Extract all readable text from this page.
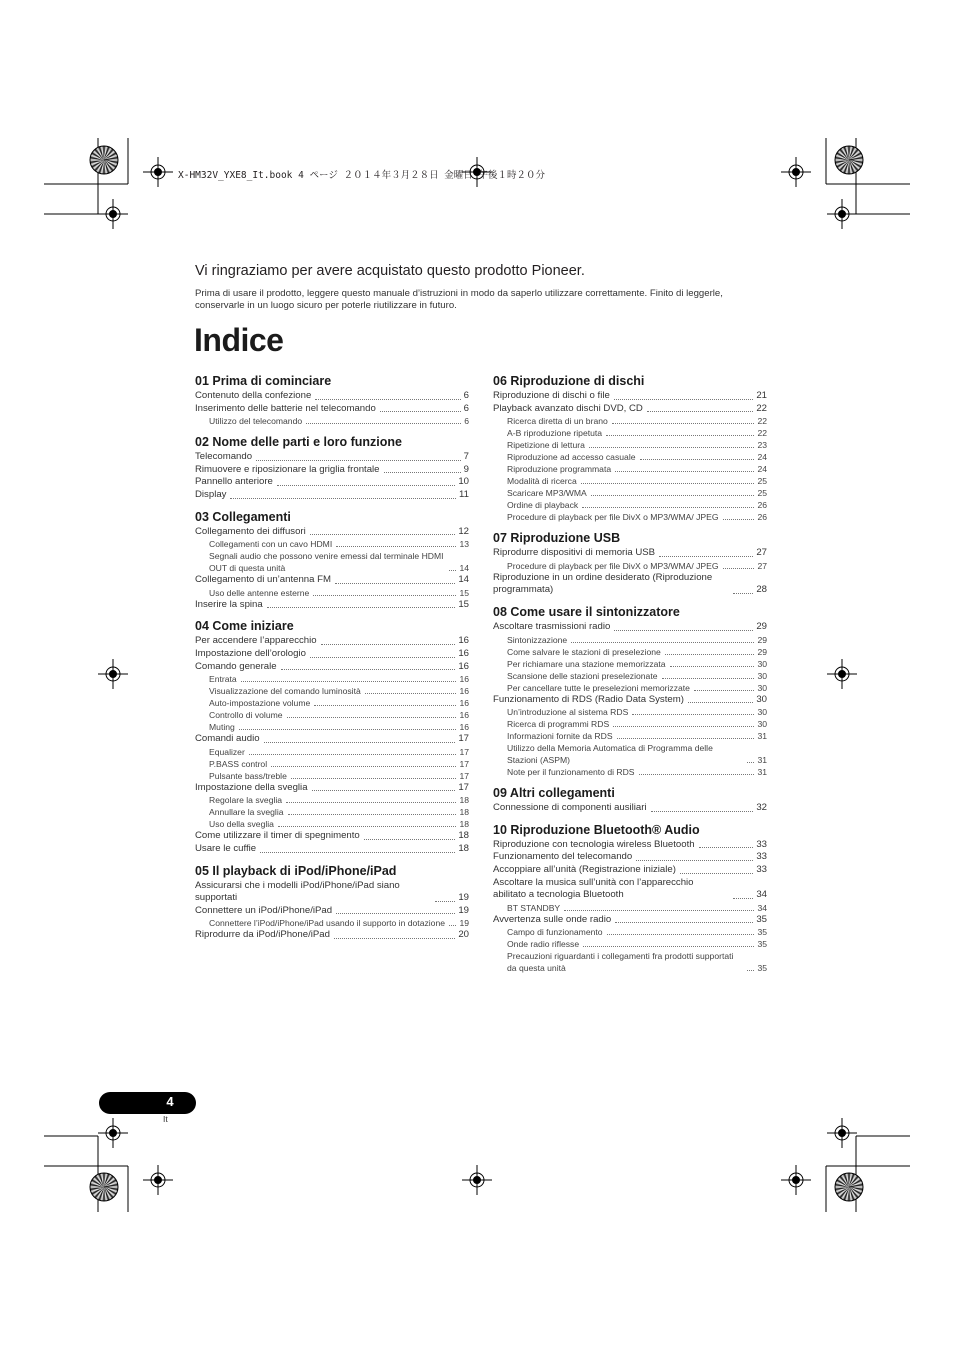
X-HM32V_YXE8_It.book 4 ページ ２０１４年３月２８日 金曜日 午後１時２０分
Vi ringraziamo per avere acquistato questo prodotto Pioneer.
Prima di usare il prodotto, leggere questo manuale d’istruzioni in modo da saperlo utilizzare correttamente. Finito di leggerle, conservarle in un luogo sicuro per poterle riutilizzare in futuro.
Indice
01 Prima di cominciare
Contenuto della confezione	6
Inserimento delle batterie nel telecomando	6
Utilizzo del telecomando	6
02 Nome delle parti e loro funzione
Telecomando	7
Rimuovere e riposizionare la griglia frontale	9
Pannello anteriore	10
Display	11
03 Collegamenti
Collegamento dei diffusori	12
Collegamenti con un cavo HDMI	13
Segnali audio che possono venire emessi dal terminale HDMI OUT di questa unità	14
Collegamento di un’antenna FM	14
Uso delle antenne esterne	15
Inserire la spina	15
04 Come iniziare
Per accendere l’apparecchio	16
Impostazione dell’orologio	16
Comando generale	16
Entrata	16
Visualizzazione del comando luminosità	16
Auto-impostazione volume	16
Controllo di volume	16
Muting	16
Comandi audio	17
Equalizer	17
P.BASS control	17
Pulsante bass/treble	17
Impostazione della sveglia	17
Regolare la sveglia	18
Annullare la sveglia	18
Uso della sveglia	18
Come utilizzare il timer di spegnimento	18
Usare le cuffie	18
05 Il playback di iPod/iPhone/iPad
Assicurarsi che i modelli iPod/iPhone/iPad siano supportati	19
Connettere un iPod/iPhone/iPad	19
Connettere l’iPod/iPhone/iPad usando il supporto in dotazione 19
Riprodurre da iPod/iPhone/iPad	20
06 Riproduzione di dischi
Riproduzione di dischi o file	21
Playback avanzato dischi DVD, CD	22
Ricerca diretta di un brano	22
A-B riproduzione ripetuta	22
Ripetizione di lettura	23
Riproduzione ad accesso casuale	24
Riproduzione programmata	24
Modalità di ricerca	25
Scaricare MP3/WMA	25
Ordine di playback	26
Procedure di playback per file DivX o MP3/WMA/ JPEG	26
07 Riproduzione USB
Riprodurre dispositivi di memoria USB	27
Procedure di playback per file DivX o MP3/WMA/ JPEG	27
Riproduzione in un ordine desiderato (Riproduzione programmata)	28
08 Come usare il sintonizzatore
Ascoltare trasmissioni radio	29
Sintonizzazione	29
Come salvare le stazioni di preselezione	29
Per richiamare una stazione memorizzata	30
Scansione delle stazioni preselezionate	30
Per cancellare tutte le preselezioni memorizzate	30
Funzionamento di RDS (Radio Data System)	30
Un’introduzione al sistema RDS	30
Ricerca di programmi RDS	30
Informazioni fornite da RDS	31
Utilizzo della Memoria Automatica di Programma delle Stazioni (ASPM)	31
Note per il funzionamento di RDS	31
09 Altri collegamenti
Connessione di componenti ausiliari	32
10 Riproduzione Bluetooth® Audio
Riproduzione con tecnologia wireless Bluetooth	33
Funzionamento del telecomando	33
Accoppiare all’unità (Registrazione iniziale)	33
Ascoltare la musica sull’unità con l’apparecchio abilitato a tecnologia Bluetooth	34
BT STANDBY	34
Avvertenza sulle onde radio	35
Campo di funzionamento	35
Onde radio riflesse	35
Precauzioni riguardanti i collegamenti fra prodotti supportati da questa unità	35
4
It
